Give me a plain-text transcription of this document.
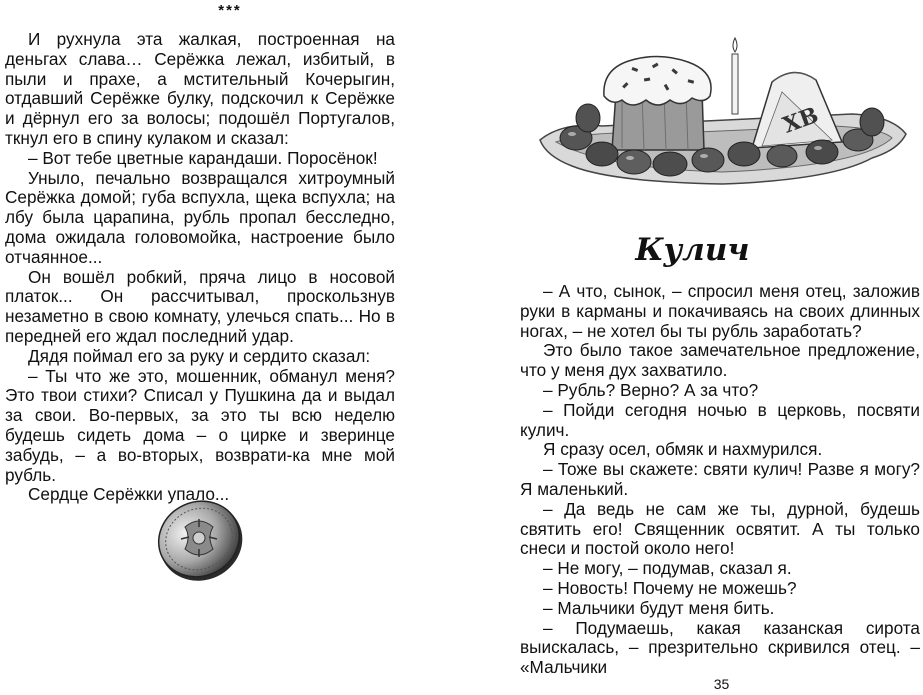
***

И рухнула эта жалкая, построенная на деньгах слава… Серёжка лежал, избитый, в пыли и прахе, а мстительный Кочерыгин, отдавший Серёжке булку, подскочил к Серёжке и дёрнул его за волосы; подошёл Португалов, ткнул его в спину кулаком и сказал:

– Вот тебе цветные карандаши. Поросёнок!

Уныло, печально возвращался хитроумный Серёжка домой; губа вспухла, щека вспухла; на лбу была царапина, рубль пропал бесследно, дома ожидала головомойка, настроение было отчаянное...

Он вошёл робкий, пряча лицо в носовой платок... Он рассчитывал, проскользнув незаметно в свою комнату, улечься спать... Но в передней его ждал последний удар.

Дядя поймал его за руку и сердито сказал:

– Ты что же это, мошенник, обманул меня? Это твои стихи? Списал у Пушкина да и выдал за свои. Во-первых, за это ты всю неделю будешь сидеть дома – о цирке и зверинце забудь, – а во-вторых, возврати-ка мне мой рубль.

Сердце Серёжки упало...

ХВ
Кулич

– А что, сынок, – спросил меня отец, заложив руки в карманы и покачиваясь на своих длинных ногах, – не хотел бы ты рубль заработать?

Это было такое замечательное предложение, что у меня дух захватило.

– Рубль? Верно? А за что?

– Пойди сегодня ночью в церковь, посвяти кулич.

Я сразу осел, обмяк и нахмурился.

– Тоже вы скажете: святи кулич! Разве я могу? Я маленький.

– Да ведь не сам же ты, дурной, будешь святить его! Священник освятит. А ты только снеси и постой около него!

– Не могу, – подумав, сказал я.

– Новость! Почему не можешь?

– Мальчики будут меня бить.

– Подумаешь, какая казанская сирота выискалась, – презрительно скривился отец. – «Мальчики

35
